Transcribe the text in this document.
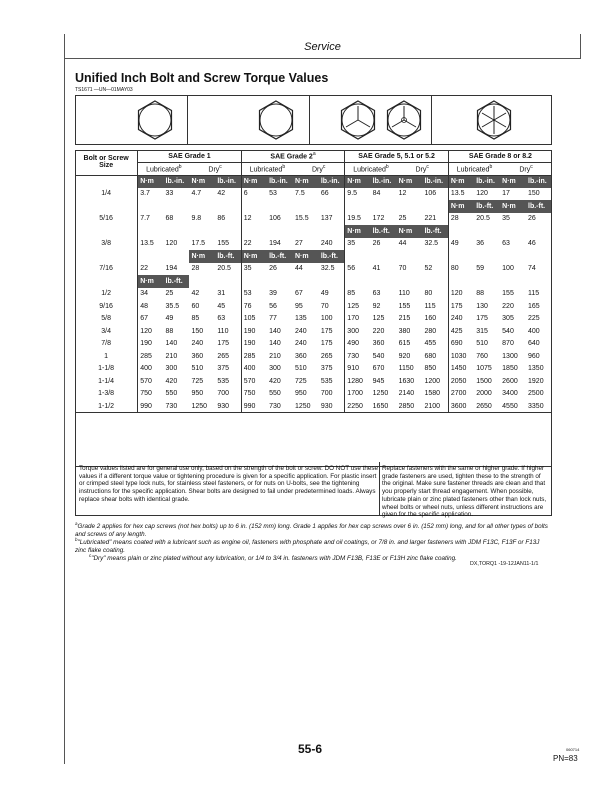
Service
Unified Inch Bolt and Screw Torque Values
TS1671 —UN—01MAY03
Bolt or Screw
Size	SAE Grade 1				SAE Grade 2$^a$				SAE Grade 5, 5.1 or 5.2				SAE Grade 8 or 8.2			
	Lubricated$^b$		Dry$^c$		Lubricated$^b$		Dry$^c$		Lubricated$^b$		Dry$^c$		Lubricated$^b$		Dry$^c$
	N·m	lb.-in.	N·m	lb.-in.	N·m	lb.-in.	N·m	lb.-in.	N·m	lb.-in.	N·m	lb.-in.	N·m	lb.-in.	N·m	lb.-in.
1/4	3.7	33	4.7	42	6	53	7.5	66	9.5	84	12	106	13.5	120	17	150
													N·m	lb.-ft.	N·m	lb.-ft.
5/16	7.7	68	9.8	86	12	106	15.5	137	19.5	172	25	221	28	20.5	35	26
									N·m	lb.-ft.	N·m	lb.-ft.				
3/8	13.5	120	17.5	155	22	194	27	240	35	26	44	32.5	49	36	63	46
			N·m	lb.-ft.	N·m	lb.-ft.	N·m	lb.-ft.								
7/16	22	194	28	20.5	35	26	44	32.5	56	41	70	52	80	59	100	74
	N·m	lb.-ft.														
1/2	34	25	42	31	53	39	67	49	85	63	110	80	120	88	155	115
9/16	48	35.5	60	45	76	56	95	70	125	92	155	115	175	130	220	165
5/8	67	49	85	63	105	77	135	100	170	125	215	160	240	175	305	225
3/4	120	88	150	110	190	140	240	175	300	220	380	280	425	315	540	400
7/8	190	140	240	175	190	140	240	175	490	360	615	455	690	510	870	640
1	285	210	360	265	285	210	360	265	730	540	920	680	1030	760	1300	960
1-1/8	400	300	510	375	400	300	510	375	910	670	1150	850	1450	1075	1850	1350
1-1/4	570	420	725	535	570	420	725	535	1280	945	1630	1200	2050	1500	2600	1920
1-3/8	750	550	950	700	750	550	950	700	1700	1250	2140	1580	2700	2000	3400	2500
1-1/2	990	730	1250	930	990	730	1250	930	2250	1650	2850	2100	3600	2650	4550	3350
Torque values listed are for general use only, based on the strength of the bolt or screw. DO NOT use these values if a different torque value or tightening procedure is given for a specific application. For plastic insert or crimped steel type lock nuts, for stainless steel fasteners, or for nuts on U-bolts, see the tightening instructions for the specific application. Shear bolts are designed to fail under predetermined loads. Always replace shear bolts with identical grade.
Replace fasteners with the same or higher grade. If higher grade fasteners are used, tighten these to the strength of the original. Make sure fastener threads are clean and that you properly start thread engagement. When possible, lubricate plain or zinc plated fasteners other than lock nuts, wheel bolts or wheel nuts, unless different instructions are given for the specific application.
$^a$Grade 2 applies for hex cap screws (not hex bolts) up to 6 in. (152 mm) long. Grade 1 applies for hex cap screws over 6 in. (152 mm) long, and for all other types of bolts and screws of any length.
$^b$"Lubricated" means coated with a lubricant such as engine oil, fasteners with phosphate and oil coatings, or 7/8 in. and larger fasteners with JDM F13C, F13F or F13J zinc flake coating.
$^c$"Dry" means plain or zinc plated without any lubrication, or 1/4 to 3/4 in. fasteners with JDM F13B, F13E or F13H zinc flake coating.
DX,TORQ1 -19-12JAN11-1/1
55-6	060714
PN=83
